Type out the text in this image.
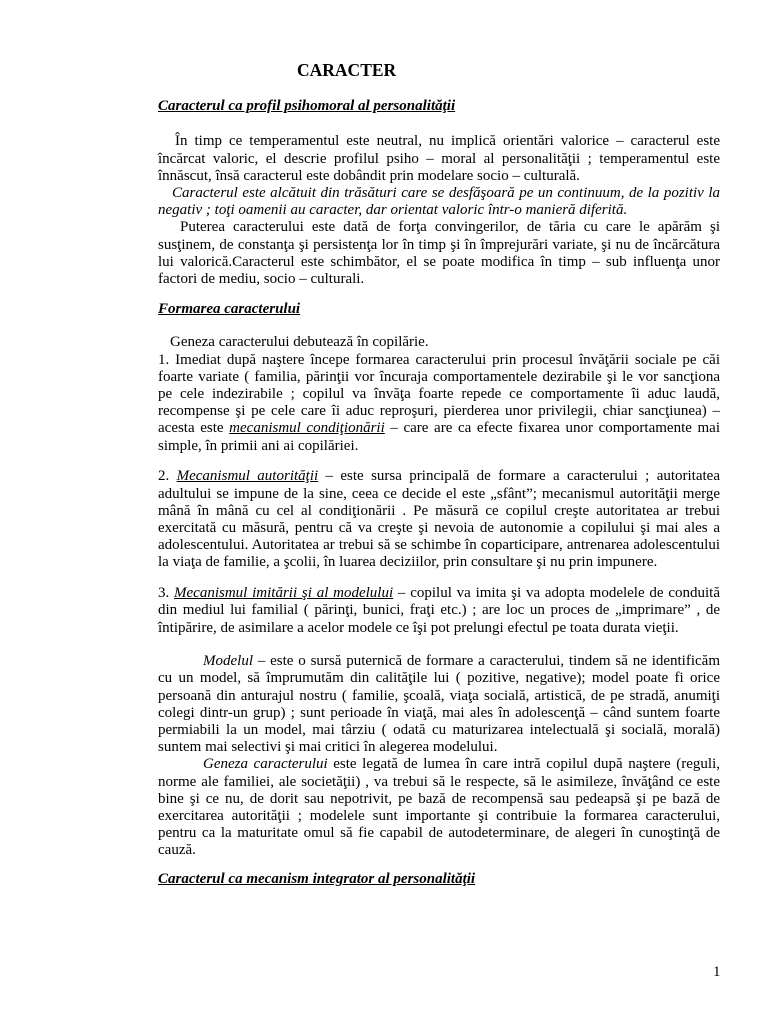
CARACTER
Caracterul ca profil psihomoral al personalităţii

În timp ce temperamentul este neutral, nu implică orientări valorice – caracterul este încărcat valoric, el descrie profilul psiho – moral al personalităţii ; temperamentul este înnăscut, însă caracterul este dobândit prin modelare socio – culturală.

Caracterul este alcătuit din trăsături care se desfăşoară pe un continuum, de la pozitiv la negativ ; toţi oamenii au caracter, dar orientat valoric într-o manieră diferită.

Puterea caracterului este dată de forţa convingerilor, de tăria cu care le apărăm şi susţinem, de constanţa şi persistenţa lor în timp şi în împrejurări variate, şi nu de încărcătura lui valorică.Caracterul este schimbător, el se poate modifica în timp – sub influenţa unor factori de mediu, socio – culturali.

Formarea caracterului

Geneza caracterului debutează în copilărie.

1. Imediat după naştere începe formarea caracterului prin procesul învăţării sociale pe căi foarte variate ( familia, părinţii vor încuraja comportamentele dezirabile şi le vor sancţiona pe cele indezirabile ; copilul va învăţa foarte repede ce comportamente îi aduc laudă, recompense şi pe cele care îi aduc reproşuri, pierderea unor privilegii, chiar sancţiunea) – acesta este mecanismul condiţionării – care are ca efecte fixarea unor comportamente mai simple, în primii ani ai copilăriei.

2. Mecanismul autorităţii – este sursa principală de formare a caracterului ; autoritatea adultului se impune de la sine, ceea ce decide el este „sfânt”; mecanismul autorităţii merge mână în mână cu cel al condiţionării . Pe măsură ce copilul creşte autoritatea ar trebui exercitată cu măsură, pentru că va creşte şi nevoia de autonomie a copilului şi mai ales a adolescentului. Autoritatea ar trebui să se schimbe în coparticipare, antrenarea adolescentului la viaţa de familie, a şcolii, în luarea deciziilor, prin consultare şi nu prin impunere.

3. Mecanismul imitării şi al modelului – copilul va imita şi va adopta modelele de conduită din mediul lui familial ( părinţi, bunici, fraţi etc.) ; are loc un proces de „imprimare” , de întipărire, de asimilare a acelor modele ce îşi pot prelungi efectul pe toata durata vieţii.

Modelul – este o sursă puternică de formare a caracterului, tindem să ne identificăm cu un model, să împrumutăm din calităţile lui ( pozitive, negative); model poate fi orice persoană din anturajul nostru ( familie, şcoală, viaţa socială, artistică, de pe stradă, anumiţi colegi dintr-un grup) ; sunt perioade în viaţă, mai ales în adolescenţă – când suntem foarte permiabili la un model, mai târziu ( odată cu maturizarea intelectuală şi socială, morală) suntem mai selectivi şi mai critici în alegerea modelului.

Geneza caracterului este legată de lumea în care intră copilul după naştere (reguli, norme ale familiei, ale societăţii) , va trebui să le respecte, să le asimileze, învăţând ce este bine şi ce nu, de dorit sau nepotrivit, pe bază de recompensă sau pedeapsă şi pe bază de exercitarea autorităţii ; modelele sunt importante şi contribuie la formarea caracterului, pentru ca la maturitate omul să fie capabil de autodeterminare, de alegeri în cunoştinţă de cauză.

Caracterul ca mecanism integrator al personalităţii
1
